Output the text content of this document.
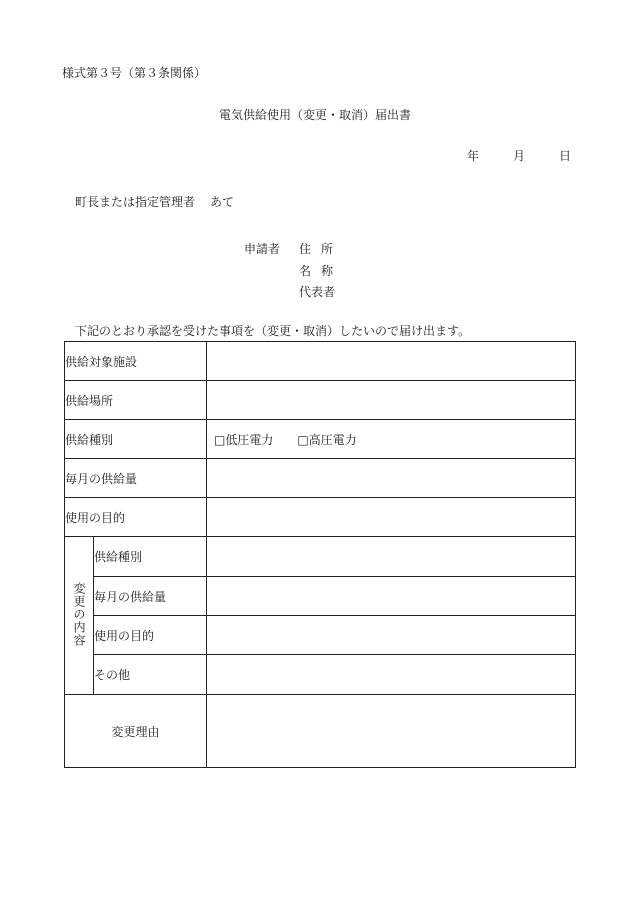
様式第３号（第３条関係）
電気供給使用（変更・取消）届出書
年	月	日
町長または指定管理者 あて
申請者 住所
名称
代表者
下記のとおり承認を受けた事項を（変更・取消）したいので届け出ます。
供給対象施設		
供給場所		
供給種別		□低圧電力 □高圧電力
毎月の供給量		
使用の目的		
変更の内容	供給種別	
	毎月の供給量	
	使用の目的	
	その他	
変更理由		
